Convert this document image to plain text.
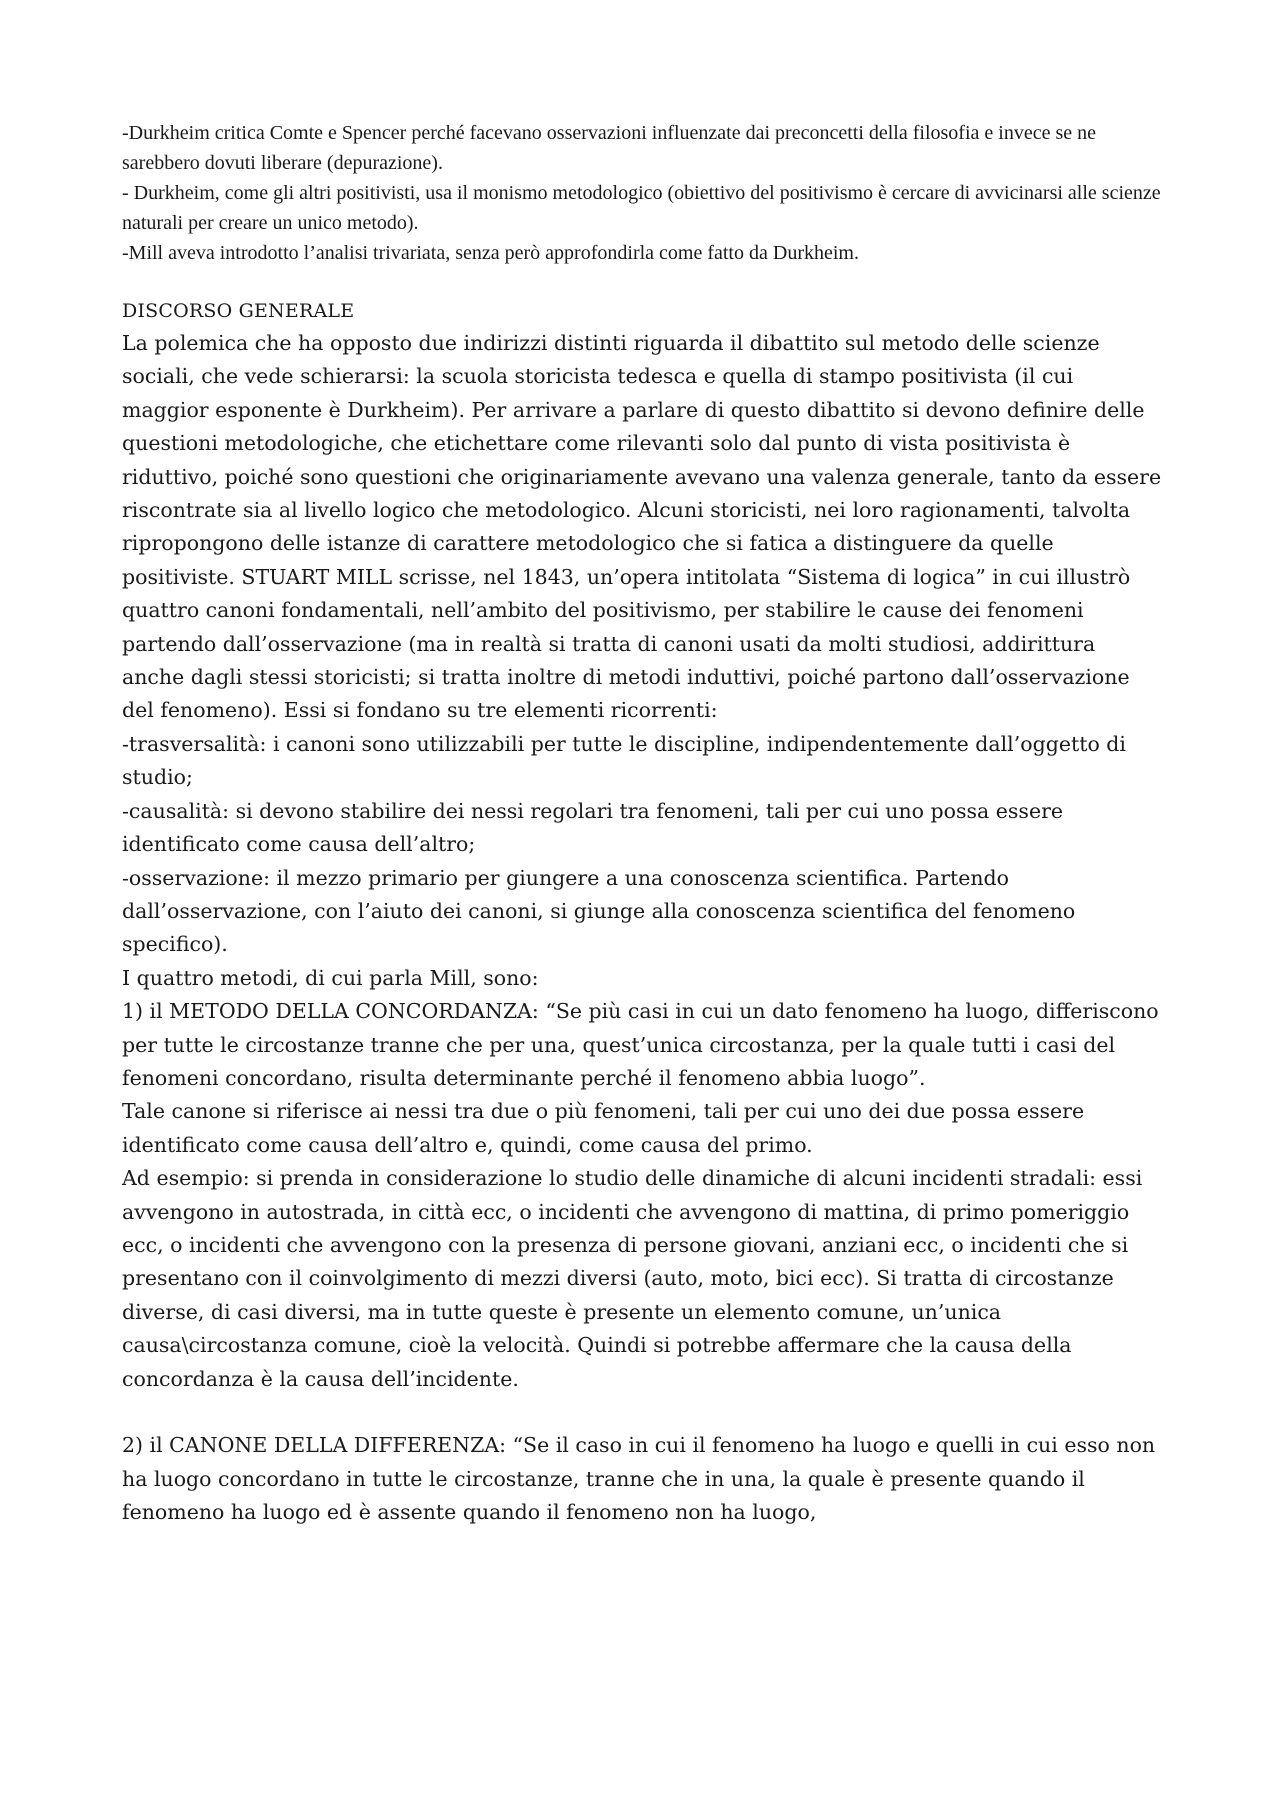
-Durkheim critica Comte e Spencer perché facevano osservazioni influenzate dai preconcetti della filosofia e invece se ne sarebbero dovuti liberare (depurazione).

- Durkheim, come gli altri positivisti, usa il monismo metodologico (obiettivo del positivismo è cercare di avvicinarsi alle scienze naturali per creare un unico metodo).

-Mill aveva introdotto l’analisi trivariata, senza però approfondirla come fatto da Durkheim.

DISCORSO GENERALE

La polemica che ha opposto due indirizzi distinti riguarda il dibattito sul metodo delle scienze sociali, che vede schierarsi: la scuola storicista tedesca e quella di stampo positivista (il cui maggior esponente è Durkheim). Per arrivare a parlare di questo dibattito si devono definire delle questioni metodologiche, che etichettare come rilevanti solo dal punto di vista positivista è riduttivo, poiché sono questioni che originariamente avevano una valenza generale, tanto da essere riscontrate sia al livello logico che metodologico. Alcuni storicisti, nei loro ragionamenti, talvolta ripropongono delle istanze di carattere metodologico che si fatica a distinguere da quelle positiviste. STUART MILL scrisse, nel 1843, un’opera intitolata “Sistema di logica” in cui illustrò quattro canoni fondamentali, nell’ambito del positivismo, per stabilire le cause dei fenomeni partendo dall’osservazione (ma in realtà si tratta di canoni usati da molti studiosi, addirittura anche dagli stessi storicisti; si tratta inoltre di metodi induttivi, poiché partono dall’osservazione del fenomeno). Essi si fondano su tre elementi ricorrenti:

-trasversalità: i canoni sono utilizzabili per tutte le discipline, indipendentemente dall’oggetto di studio;

-causalità: si devono stabilire dei nessi regolari tra fenomeni, tali per cui uno possa essere identificato come causa dell’altro;

-osservazione: il mezzo primario per giungere a una conoscenza scientifica. Partendo dall’osservazione, con l’aiuto dei canoni, si giunge alla conoscenza scientifica del fenomeno specifico).

I quattro metodi, di cui parla Mill, sono:

1) il METODO DELLA CONCORDANZA: “Se più casi in cui un dato fenomeno ha luogo, differiscono per tutte le circostanze tranne che per una, quest’unica circostanza, per la quale tutti i casi del fenomeni concordano, risulta determinante perché il fenomeno abbia luogo”.

Tale canone si riferisce ai nessi tra due o più fenomeni, tali per cui uno dei due possa essere identificato come causa dell’altro e, quindi, come causa del primo.

Ad esempio: si prenda in considerazione lo studio delle dinamiche di alcuni incidenti stradali: essi avvengono in autostrada, in città ecc, o incidenti che avvengono di mattina, di primo pomeriggio ecc, o incidenti che avvengono con la presenza di persone giovani, anziani ecc, o incidenti che si presentano con il coinvolgimento di mezzi diversi (auto, moto, bici ecc). Si tratta di circostanze diverse, di casi diversi, ma in tutte queste è presente un elemento comune, un’unica causa\circostanza comune, cioè la velocità. Quindi si potrebbe affermare che la causa della concordanza è la causa dell’incidente.

2) il CANONE DELLA DIFFERENZA: “Se il caso in cui il fenomeno ha luogo e quelli in cui esso non ha luogo concordano in tutte le circostanze, tranne che in una, la quale è presente quando il fenomeno ha luogo ed è assente quando il fenomeno non ha luogo,
